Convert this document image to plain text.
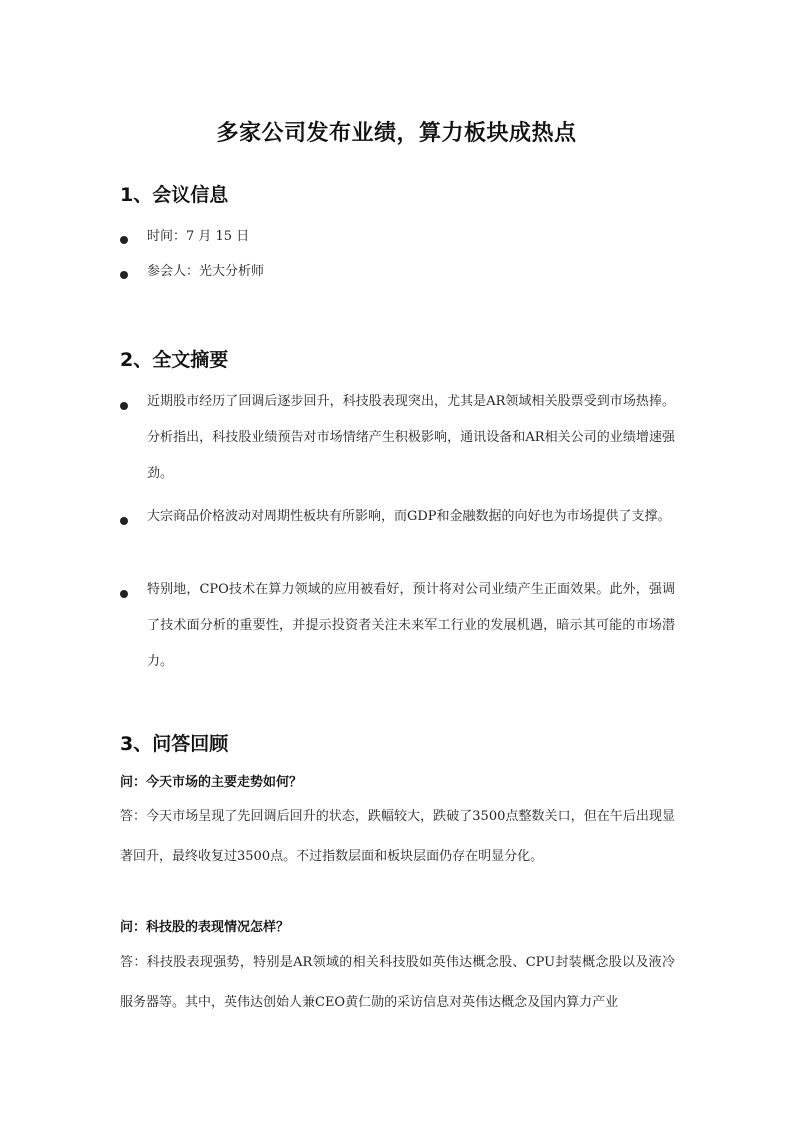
多家公司发布业绩，算力板块成热点
1、会议信息
时间：7 月 15 日
参会人：光大分析师
2、全文摘要
近期股市经历了回调后逐步回升，科技股表现突出，尤其是AR领域相关股票受到市场热捧。分析指出，科技股业绩预告对市场情绪产生积极影响，通讯设备和AR相关公司的业绩增速强劲。
大宗商品价格波动对周期性板块有所影响，而GDP和金融数据的向好也为市场提供了支撑。
特别地，CPO技术在算力领域的应用被看好，预计将对公司业绩产生正面效果。此外，强调了技术面分析的重要性，并提示投资者关注未来军工行业的发展机遇，暗示其可能的市场潜力。
3、问答回顾

问：今天市场的主要走势如何？

答：今天市场呈现了先回调后回升的状态，跌幅较大，跌破了3500点整数关口，但在午后出现显著回升，最终收复过3500点。不过指数层面和板块层面仍存在明显分化。

问：科技股的表现情况怎样？

答：科技股表现强势，特别是AR领域的相关科技股如英伟达概念股、CPU封装概念股以及液冷服务器等。其中，英伟达创始人兼CEO黄仁勋的采访信息对英伟达概念及国内算力产业
